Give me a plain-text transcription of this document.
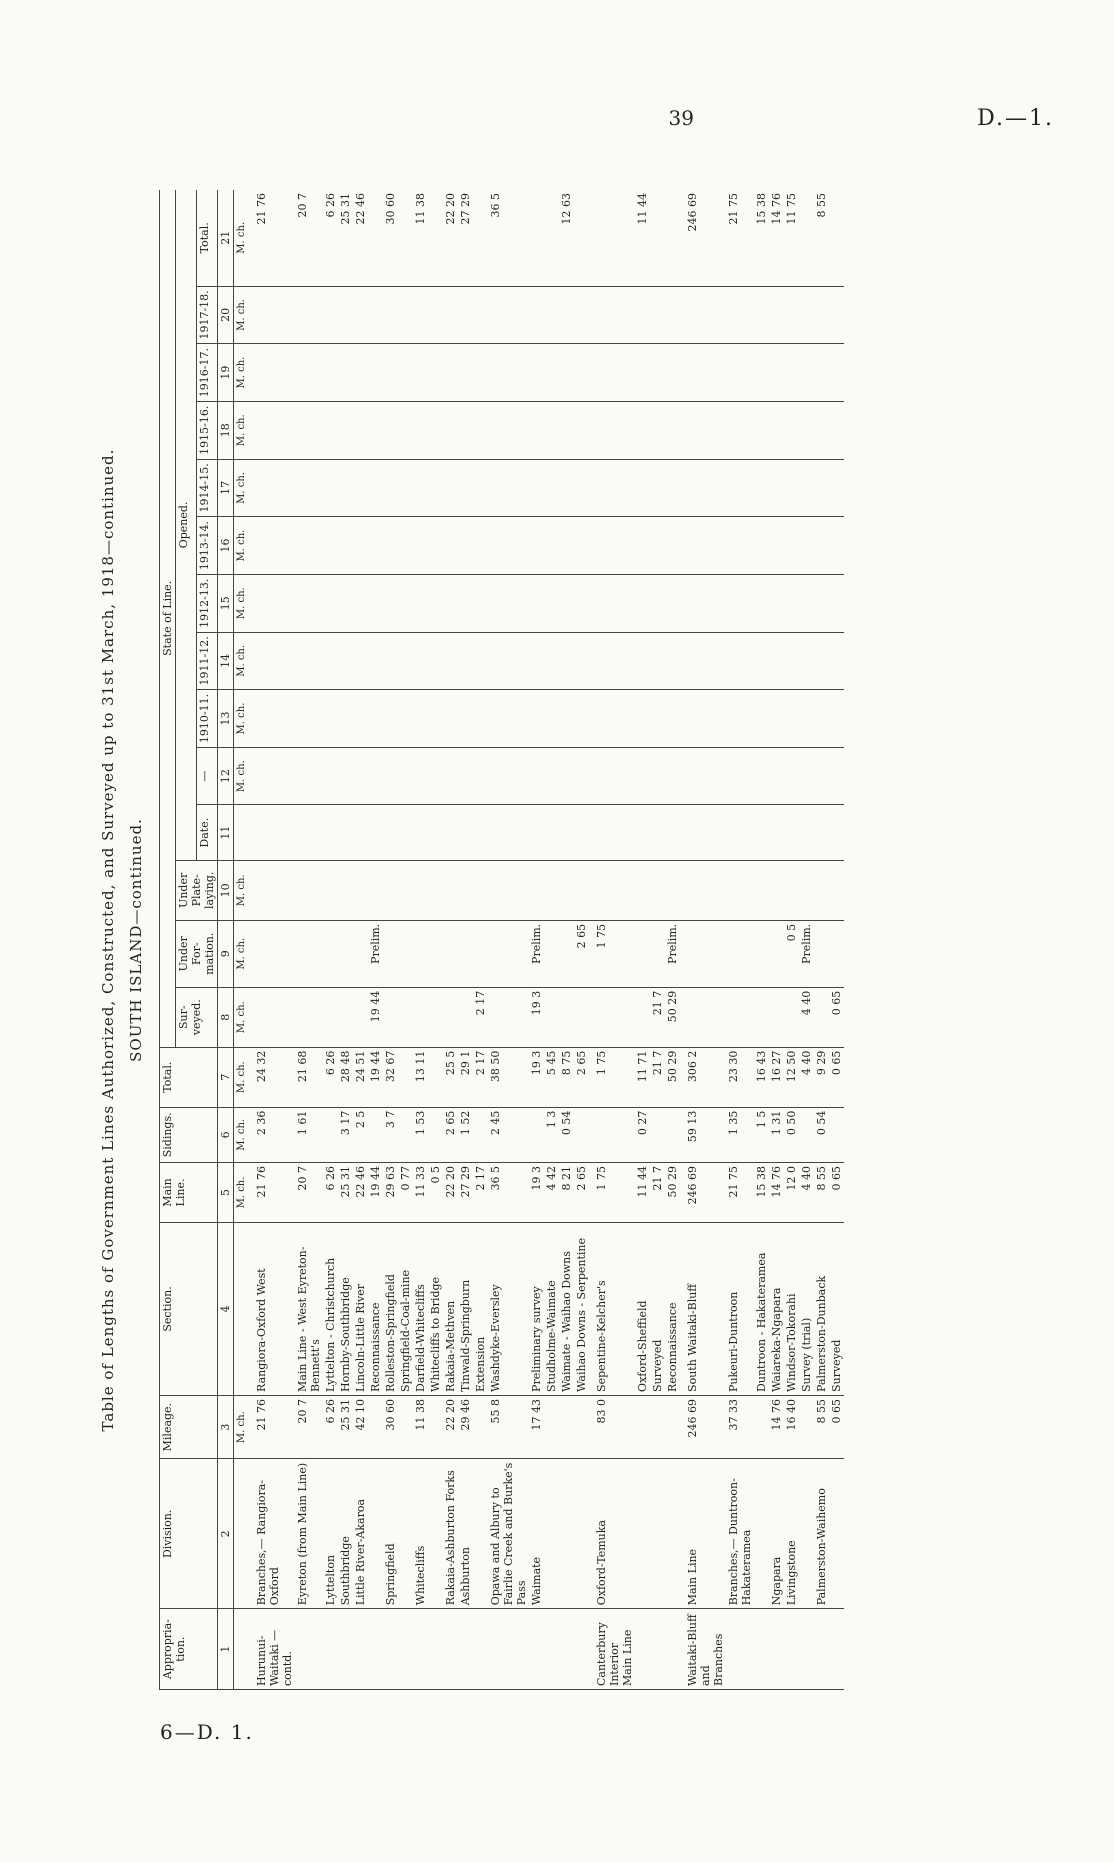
39	D.—1.
6—D. 1.
Table of Lengths of Government Lines Authorized, Constructed, and Surveyed up to 31st March, 1918—continued. SOUTH ISLAND—continued.
Appropria-tion.	Division.	Mileage.	Section.	Main Line.	Sidings.	Total.	State of Line.													
							Sur-veyed.	Under For-mation.	Under Plate-laying.	Opened.										
										Date.	—	1910-11.	1911-12.	1912-13.	1913-14.	1914-15.	1915-16.	1916-17.	1917-18.	Total.
1	2	3	4	5	6	7	8	9	10	11	12	13	14	15	16	17	18	19	20	21
		M. ch.		M. ch.	M. ch.	M. ch.	M. ch.	M. ch.	M. ch.		M. ch.	M. ch.	M. ch.	M. ch.	M. ch.	M. ch.	M. ch.	M. ch.	M. ch.	M. ch.
Hurunui-Waitaki —contd.	Branches,— Rangiora-Oxford	21 76	Rangiora-Oxford West	21 76	2 36	24 32														21 76
	Eyreton (from Main Line)	20 7	Main Line - West Eyreton-Bennett's	20 7	1 61	21 68														20 7
	Lyttelton	6 26	Lyttelton - Christchurch	6 26		6 26														6 26
	Southbridge	25 31	Hornby-Southbridge	25 31	3 17	28 48														25 31
	Little River-Akaroa	42 10	Lincoln-Little River	22 46	2 5	24 51														22 46
			Reconnaissance	19 44		19 44	19 44	Prelim.												
	Springfield	30 60	Rolleston-Springfield	29 63	3 7	32 67														30 60
			Springfield-Coal-mine	0 77																
	Whitecliffs	11 38	Darfield-Whitecliffs	11 33	1 53	13 11														11 38
			Whitecliffs to Bridge	0 5																
	Rakaia-Ashburton Forks	22 20	Rakaia-Methven	22 20	2 65	25 5														22 20
	Ashburton	29 46	Tinwald-Springburn	27 29	1 52	29 1														27 29
			Extension	2 17		2 17	2 17													
	Opawa and Albury to Fairlie Creek and Burke's Pass	55 8	Washdyke-Eversley	36 5	2 45	38 50														36 5
	Waimate	17 43	Preliminary survey	19 3		19 3	19 3	Prelim.												
			Studholme-Waimate	4 42	1 3	5 45														
			Waimate - Waihao Downs	8 21	0 54	8 75														12 63
			Waihao Downs - Serpentine	2 65		2 65		2 65												
Canterbury Interior Main Line	Oxford-Temuka	83 0	Sepentine-Kelcher's	1 75		1 75		1 75												
			Oxford-Sheffield	11 44	0 27	11 71														11 44
			Surveyed	21 7		21 7	21 7													
			Reconnaissance	50 29		50 29	50 29	Prelim.												
Waitaki-Bluff and Branches	Main Line	246 69	South Waitaki-Bluff	246 69	59 13	306 2														246 69
	Branches,— Duntroon-Hakateramea	37 33	Pukeuri-Duntroon	21 75	1 35	23 30														21 75
			Duntroon - Hakateramea	15 38	1 5	16 43														15 38
	Ngapara	14 76	Waiareka-Ngapara	14 76	1 31	16 27														14 76
	Livingstone	16 40	Windsor-Tokorahi	12 0	0 50	12 50		0 5												11 75
			Survey (trial)	4 40		4 40	4 40	Prelim.												
	Palmerston-Waihemo	8 55	Palmerston-Dunback	8 55	0 54	9 29														8 55
		0 65	Surveyed	0 65		0 65	0 65													
